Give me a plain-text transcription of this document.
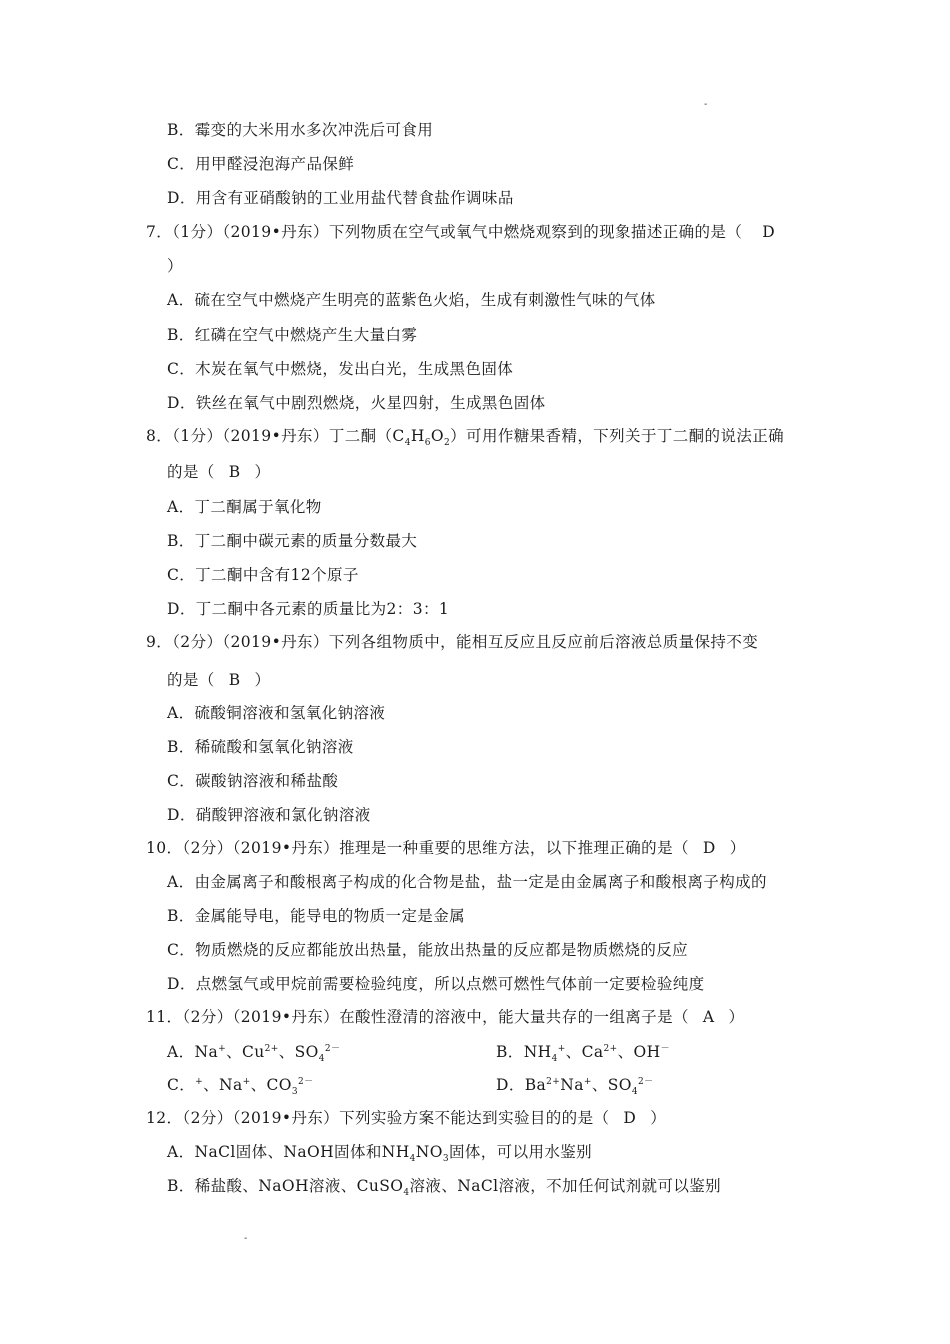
-
B．霉变的大米用水多次冲洗后可食用
C．用甲醛浸泡海产品保鲜
D．用含有亚硝酸钠的工业用盐代替食盐作调味品
7．（1分）（2019•丹东）下列物质在空气或氧气中燃烧观察到的现象描述正确的是（ D
）
A．硫在空气中燃烧产生明亮的蓝紫色火焰，生成有刺激性气味的气体
B．红磷在空气中燃烧产生大量白雾
C．木炭在氧气中燃烧，发出白光，生成黑色固体
D．铁丝在氧气中剧烈燃烧，火星四射，生成黑色固体
8．（1分）（2019•丹东）丁二酮$(C_4H_6O_2)$可用作糖果香精，下列关于丁二酮的说法正确
的是（ B ）
A．丁二酮属于氧化物
B．丁二酮中碳元素的质量分数最大
C．丁二酮中含有12个原子
D．丁二酮中各元素的质量比为2：3：1
9．（2分）（2019•丹东）下列各组物质中，能相互反应且反应前后溶液总质量保持不变
的是（ B ）
A．硫酸铜溶液和氢氧化钠溶液
B．稀硫酸和氢氧化钠溶液
C．碳酸钠溶液和稀盐酸
D．硝酸钾溶液和氯化钠溶液
10．（2分）（2019•丹东）推理是一种重要的思维方法，以下推理正确的是（ D ）
A．由金属离子和酸根离子构成的化合物是盐，盐一定是由金属离子和酸根离子构成的
B．金属能导电，能导电的物质一定是金属
C．物质燃烧的反应都能放出热量，能放出热量的反应都是物质燃烧的反应
D．点燃氢气或甲烷前需要检验纯度，所以点燃可燃性气体前一定要检验纯度
11．（2分）（2019•丹东）在酸性澄清的溶液中，能大量共存的一组离子是（ A ）
A．Na+、$Cu^{2+}$、$SO_4^{2-}$	B．$NH_4^+$、$Ca^{2+}$、OH－
C．+、Na+、$CO_3^{2-}$	D．$Ba^{2+}Na^+$、$SO_4^{2-}$
12．（2分）（2019•丹东）下列实验方案不能达到实验目的的是（ D ）
A．NaCl固体、NaOH固体和$NH_4NO_3$固体，可以用水鉴别
B．稀盐酸、NaOH溶液、CuSO$_4$溶液、NaCl溶液，不加任何试剂就可以鉴别
-
